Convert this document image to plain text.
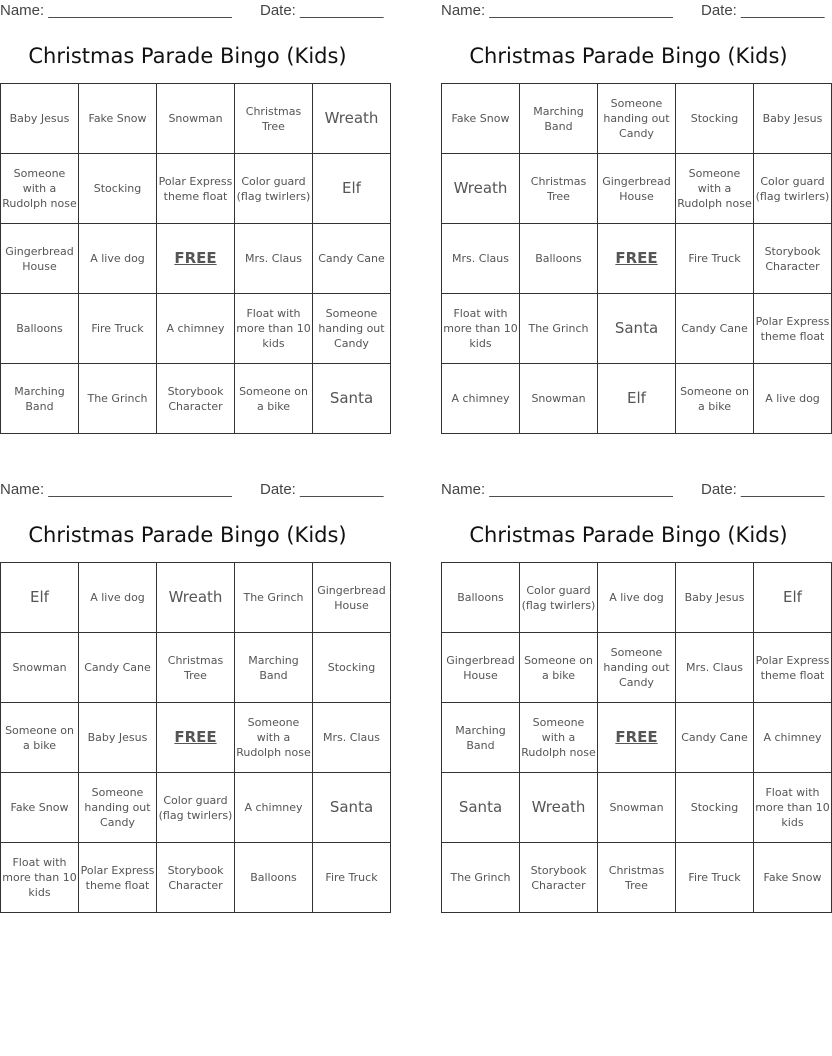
Name: ______________________ Date: __________
Christmas Parade Bingo (Kids)
Baby Jesus	Fake Snow	Snowman	Christmas Tree	Wreath
Someone with a Rudolph nose	Stocking	Polar Express theme float	Color guard (flag twirlers)	Elf
Gingerbread House	A live dog	FREE	Mrs. Claus	Candy Cane
Balloons	Fire Truck	A chimney	Float with more than 10 kids	Someone handing out Candy
Marching Band	The Grinch	Storybook Character	Someone on a bike	Santa
Name: ______________________ Date: __________
Christmas Parade Bingo (Kids)
Fake Snow	Marching Band	Someone handing out Candy	Stocking	Baby Jesus
Wreath	Christmas Tree	Gingerbread House	Someone with a Rudolph nose	Color guard (flag twirlers)
Mrs. Claus	Balloons	FREE	Fire Truck	Storybook Character
Float with more than 10 kids	The Grinch	Santa	Candy Cane	Polar Express theme float
A chimney	Snowman	Elf	Someone on a bike	A live dog
Name: ______________________ Date: __________
Christmas Parade Bingo (Kids)
Elf	A live dog	Wreath	The Grinch	Gingerbread House
Snowman	Candy Cane	Christmas Tree	Marching Band	Stocking
Someone on a bike	Baby Jesus	FREE	Someone with a Rudolph nose	Mrs. Claus
Fake Snow	Someone handing out Candy	Color guard (flag twirlers)	A chimney	Santa
Float with more than 10 kids	Polar Express theme float	Storybook Character	Balloons	Fire Truck
Name: ______________________ Date: __________
Christmas Parade Bingo (Kids)
Balloons	Color guard (flag twirlers)	A live dog	Baby Jesus	Elf
Gingerbread House	Someone on a bike	Someone handing out Candy	Mrs. Claus	Polar Express theme float
Marching Band	Someone with a Rudolph nose	FREE	Candy Cane	A chimney
Santa	Wreath	Snowman	Stocking	Float with more than 10 kids
The Grinch	Storybook Character	Christmas Tree	Fire Truck	Fake Snow
